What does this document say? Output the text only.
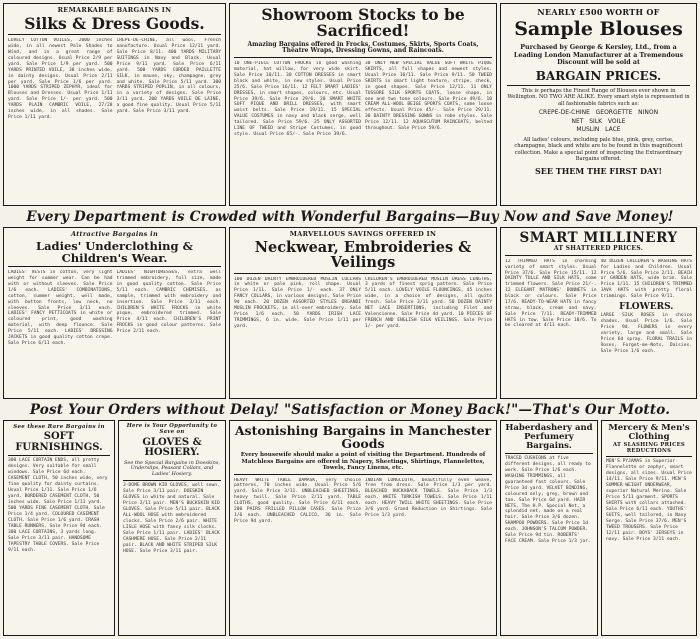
REMARKABLE BARGAINS IN
Silks & Dress Goods.
LOVELY COTTON VOILES, 2000 inches wide, in all newest Pale Shades to Wind, and in a great range of coloured designs. Usual Price 2/9 per yard. Sale Price 1/9 per yard. 500 YARDS PRINTED VOILE, 38 inches wide, in dainty designs. Usual Price 2/11 per yard. Sale Price 1/6 per yard. 1000 YARDS STRIPED ZEPHYR, ideal for Blouses and Dresses. Usual Price 1/11 yard. Sale Price 1/- per yard. 500 YARDS PLAIN CAMBRIC VOILE, 27/28 inches wide, in all shades. Sale Price 1/11 yard.
CREPE-DE-CHINE, all wool, French manufacture. Usual Price 12/11 yard. Sale Price 8/11. 400 YARDS MILITARY SUITINGS in Navy and Black. Usual Price 9/11 yard. Sale Price 6/11 yard. 500 YARDS CORDED PAILLETTE SILK, in mauve, sky, champagne, grey and white. Sale Price 5/11 yard. 300 YARDS STRIPED POPLIN, in all colours, in a variety of designs. Sale Price 3/11 yard. 200 YARDS VOILE DE LAINE, a good fine quality. Usual Price 5/11 yard. Sale Price 3/11 yard.
Showroom Stocks to be Sacrificed!
Amazing Bargains offered in Frocks, Costumes, Skirts, Sports Coats, Theatre Wraps, Dressing Gowns, and Raincoats.
10 ONE-PIECE COTTON FROCKS in good washing material, hat willow, for very wide skirt. Sale Price 10/11. 30 COTTON DRESSES in smart black and white, in new styles. Usual Price 25/6. Sale Price 16/11. 12 FELT SMART LADIES' DRESSES, in smart shapes, colours, etc. Usual Price 39/6. Sale Price 29/6. 20 SMART WHITE SOFT PIQUE AND DRILL DRESSES, with smart waist belts. Sale Price 19/11. 15 SPECIAL VALUE COSTUMES in navy and black serge, well tailored. Sale Price 59/6. 25 ONLY ASSORTED LINE OF TWEED and Stripe Costumes, in good style. Usual Price 65/-. Sale Price 39/6.
30 ONLY NEW SPECIAL VALUE SOFT WHITE PIQUE SKIRTS, all full shapes and newest styles. Usual Price 16/11. Sale Price 9/11. 50 TWEED SKIRTS in smart light texture, stripe, check, in good shapes. Sale Price 12/11. 11 ONLY TUSSORE SILK SPORTS COATS, loose shape, in one and two tone colours. Sale Price 49/6. 10 CREAM ALL-WOOL BEIGE SPORTS COATS, some loose effects. Usual Price 45/-. Sale Price 29/11. 30 DAINTY DRESSING GOWNS in robe styles. Sale Price 12/11. 12 AQUASCUTUM RAINCOATS, belted throughout. Sale Price 59/6.
NEARLY £500 WORTH OF
Sample Blouses
Purchased by George & Kersley, Ltd., from a Leading London Manufacturer at a Tremendous Discount will be sold at
BARGAIN PRICES.
This is perhaps the Finest Range of Blouses ever shown in Wellington. NO TWO ARE ALIKE. Every smart style is represented in all fashionable fabrics such as:
CREPE-DE-CHINE GEORGETTE NINON
NET SILK VOILE
MUSLIN LACE
All ladies' colours, including pale blue, pink, grey, cerise, champagne, black and white are to be found in this magnificent collection. Make a special point of inspecting the Extraordinary Bargains offered.
SEE THEM THE FIRST DAY!
Every Department is Crowded with Wonderful Bargains—Buy Now and Save Money!
Attractive Bargains in
Ladies' Underclothing & Children's Wear.
LADIES' VESTS in cotton, very light weight for summer wear. Can be had with or without sleeves. Sale Price 1/6 each. LADIES' COMBINATIONS, cotton, summer weight, well made, with button fronts, low neck, no sleeves. Sale Price 3/11 each. LADIES' FANCY PETTICOATS in white or coloured print, good washing material, with deep flounce. Sale Price 5/11 each. LADIES' DRESSING JACKETS in good quality cotton crepe. Sale Price 6/11 each.
LADIES' NIGHTDRESSES, extra well trimmed embroidery, full size, made in good quality cotton. Sale Price 5/11 each. CAMBRIC CHEMISES, as sample, trimmed with embroidery and insertion. Sale Price 3/11 each. CHILDREN'S WHITE FROCKS in white pique, embroidered trimmed. Sale Price 4/11 each. CHILDREN'S PRINT FROCKS in good colour patterns. Sale Price 2/11 each.
MARVELLOUS SAVINGS OFFERED IN
Neckwear, Embroideries & Veilings
100 DOZEN DAINTY EMBROIDERED MUSLIN COLLARS in white or pale pink, roll shape. Usual Price 1/11. Sale Price 1/- each. 37 ONLY FANCY COLLARS, in various designs. Sale Price 9d each. 20 DOZEN ASSORTED STYLES ORGANDI MUSLIN FROCKETS, in all-over embroidery. Sale Price 1/6 each. 50 YARDS IRISH LACE TRIMMINGS, 6 in. wide. Sale Price 1/11 per yard.
CHILDREN'S EMBROIDERED MUSLIN DRESS LENGTHS, 3 yards of finest sprig pattern. Sale Price 5/11 each. LOVELY VOILE FLOUNCINGS, 45 inches wide, in a choice of designs, all quite fresh. Sale Price 3/11 yard. 50 DOZEN DAINTY NET LACE INSERTIONS, including Filet and Valencienne. Sale Price 4d yard. 10 PIECES OF FRENCH AND ENGLISH SILK VEILINGS. Sale Price 1/- per yard.
SMART MILLINERY
AT SHATTERED PRICES.
12 TRIMMED HATS in charming variety of smart styles. Usual Price 37/6. Sale Price 15/11. 12 DAINTY TULLE AND SILK HATS, some trimmed flowers. Sale Price 21/-. 12 ELEGANT MATRONS' BONNETS in black or colours. Sale Price 17/6. READY-TO-WEAR HATS in fancy straw, black, cream and navy. Sale Price 7/11. READY-TRIMMED HATS in tow. Sale Price 10/6. To be cleared at 4/11 each.
40 DOZEN CHILDREN'S WASHING HATS for Ladies and Children. Usual Price 5/6. Sale Price 2/11. BEACH or GARDEN HATS, wide brim. Sale Price 1/11. 15 CHILDREN'S TRIMMED JAVA HATS with pretty floral trimmings. Sale Price 9/11.
FLOWERS.
LARGE SILK ROSES in choice shades. Usual Price 1/6. Sale Price 9d. FLOWERS in every variety, large and small. Sale Price 6d spray. FLORAL TRAILS in Roses, Forget-me-Nots, Daisies. Sale Price 1/6 each.
Post Your Orders without Delay! "Satisfaction or Money Back!"—That's Our Motto.
See these Rare Bargains in
SOFT FURNISHINGS.
300 LACE CURTAIN ENDS, all pretty designs. Very suitable for small windows. Sale Price 6d each. CASEMENT CLOTH, 50 inches wide, very fine quality for dainty curtains. Usual Price 1/11. Sale Price 1/6 yard. BORDERED CASEMENT CLOTH, 50 inches wide. Sale Price 1/11 yard. 500 YARDS FINE CASEMENT CLOTH. Sale Price 1/4 yard. COLOURED CASEMENT CLOTH. Sale Price 1/6 yard. CRASH TABLE RUNNERS. Sale Price 9d each. 300 LACE CURTAINS, 3 yards long. Sale Price 3/11 pair. HANDSOME TAPESTRY TABLE COVERS. Sale Price 9/11 each.
Here is Your Opportunity to Save on
GLOVES & HOSIERY.
See the Special Bargains in Doeskins, Underslips, Peasant Collars, and Ladies' Hosiery.
3-DOME BROWN KID GLOVES, well sewn. Sale Price 3/11 pair. DOESKIN GLOVES in white and natural. Sale Price 2/11 pair. MEN'S BUCKSKIN KID GLOVES. Sale Price 5/11 pair. BLACK ALL-WOOL HOSE with embroidered clocks. Sale Price 2/6 pair. WHITE LISLE HOSE with fancy silk clocks. Sale Price 1/11 pair. LADIES' BLACK CASHMERE HOSE. Sale Price 2/11 pair. BLACK AND WHITE STRIPED SILK HOSE. Sale Price 3/11 pair.
Astonishing Bargains in Manchester Goods
Every housewife should make a point of visiting the Department. Hundreds of Matchless Bargains are offered in Napery, Sheetings, Shirtings, Flannelettes, Towels, Fancy Linens, etc.
HEAVY WHITE TABLE DAMASK, very choice patterns, 70 inches wide. Usual Price 5/6 yard. Sale Price 3/11. UNBLEACHED SHEETINGS, heavy twill. Sale Price 2/11 yard. TABLE CLOTHS, good quality. Sale Price 6/11 each. 200 PAIRS FRILLED PILLOW CASES. Sale Price 1/6 each. UNBLEACHED CALICO, 36 in. Sale Price 9d yard.
INDIAN LONGCLOTH, beautifully even weave, free from dress. Sale Price 1/3 per yard. BLEACHED HUCKABACK TOWELS. Sale Price 1/3 each. WHITE TURKISH TOWELS. Sale Price 1/11 each. HEAVY TWILL WHITE SHEETINGS. Sale Price 3/6 yard. Grand Reduction in Shirtings. Sale Price 1/3 yard.
Haberdashery and Perfumery Bargains.
TRACED CUSHIONS at five different designs, all ready to work. Sale Price 1/6 each. WASHING TRIMMINGS, all guaranteed fast colours. Sale Price 3d yard. VELVET BINDING, coloured only, grey, brown and tan. Sale Price 6d yard. HAIR NETS, The H.P. Special Net, a splendid net, made on a real hair. Sale Price 3/6 dozen. SHAMPOO POWDERS. Sale Price 1d each. JOHNSON'S TALCUM POWDER. Sale Price 9d tin. ROBERTS' FACE CREAM. Sale Price 1/3 jar.
Mercery & Men's Clothing
AT SLASHING PRICES
REDUCTIONS
MEN'S PYJAMAS in Superior Flannelette or zephyr, smart designs, all sizes. Usual Price 14/11. Sale Price 9/11. MEN'S SUMMER WEIGHT UNDERWEAR, superior Natural Merino. Sale Price 5/11 garment. SPORTS SHIRTS with collars attached. Sale Price 6/11 each. YOUTHS' SUITS, well tailored, in Navy Serge. Sale Price 37/6. MEN'S TWEED TROUSERS. Sale Price 12/11 pair. BOYS' JERSEYS in navy. Sale Price 3/11 each.
